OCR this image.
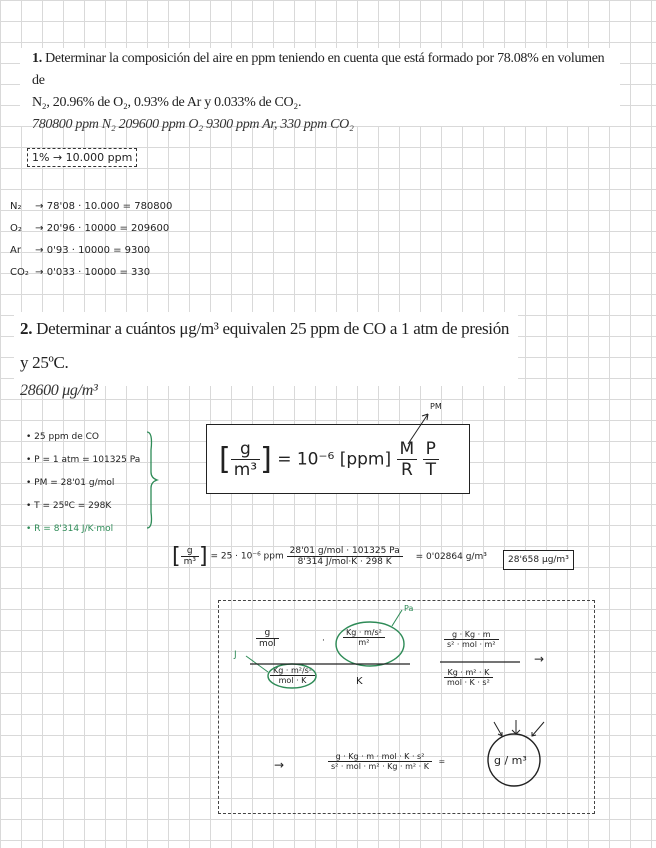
1. Determinar la composición del aire en ppm teniendo en cuenta que está formado por 78.08% en volumen de
N₂, 20.96% de O₂, 0.93% de Ar y 0.033% de CO₂.
780800 ppm N₂ 209600 ppm O₂ 9300 ppm Ar, 330 ppm CO₂
1% → 10.000 ppm
N₂ → 78'08 · 10.000 = 780800
O₂ → 20'96 · 10000 = 209600
Ar → 0'93 · 10000 = 9300
CO₂ → 0'033 · 10000 = 330
2. Determinar a cuántos μg/m³ equivalen 25 ppm de CO a 1 atm de presión y 25ºC.
28600 μg/m³
• 25 ppm de CO
• P = 1 atm = 101325 Pa
• PM = 28'01 g/mol
• T = 25ºC = 298K
• R = 8'314 J/K·mol
[ $\frac{g}{\text{m³}}$ ] = 10⁻⁶ $[ppm] \frac{M}{R}$
$\frac{P}{T}$
PM
[ $\frac{g}{\text{m³}}$ ] = 25 · 10⁻⁶ ppm $\frac{\text{28'01 g/mol · 101325 Pa}}{\text{8'314 J/mol·K · 298 K}} = 0'02864$ g/m³	28'658 μg/m³
$\frac{g}{\text{mol}}$	· $\frac{\text{Kg · m/s²}}{\text{m²}}$
$\frac{\text{Kg · m²/s²}}{\text{mol · K}}$	K
Pa
J
$\frac{g \cdot Kg \cdot m}{\text{s² · mol · m²}}$
$\frac{\text{Kg · m² · K}}{\text{mol · K · s²}}$
→
→	$\frac{\text{g · Kg · m · mol · K · s²}}{\text{s² · mol · m² · Kg · m² · K}}$ =	g / m³
